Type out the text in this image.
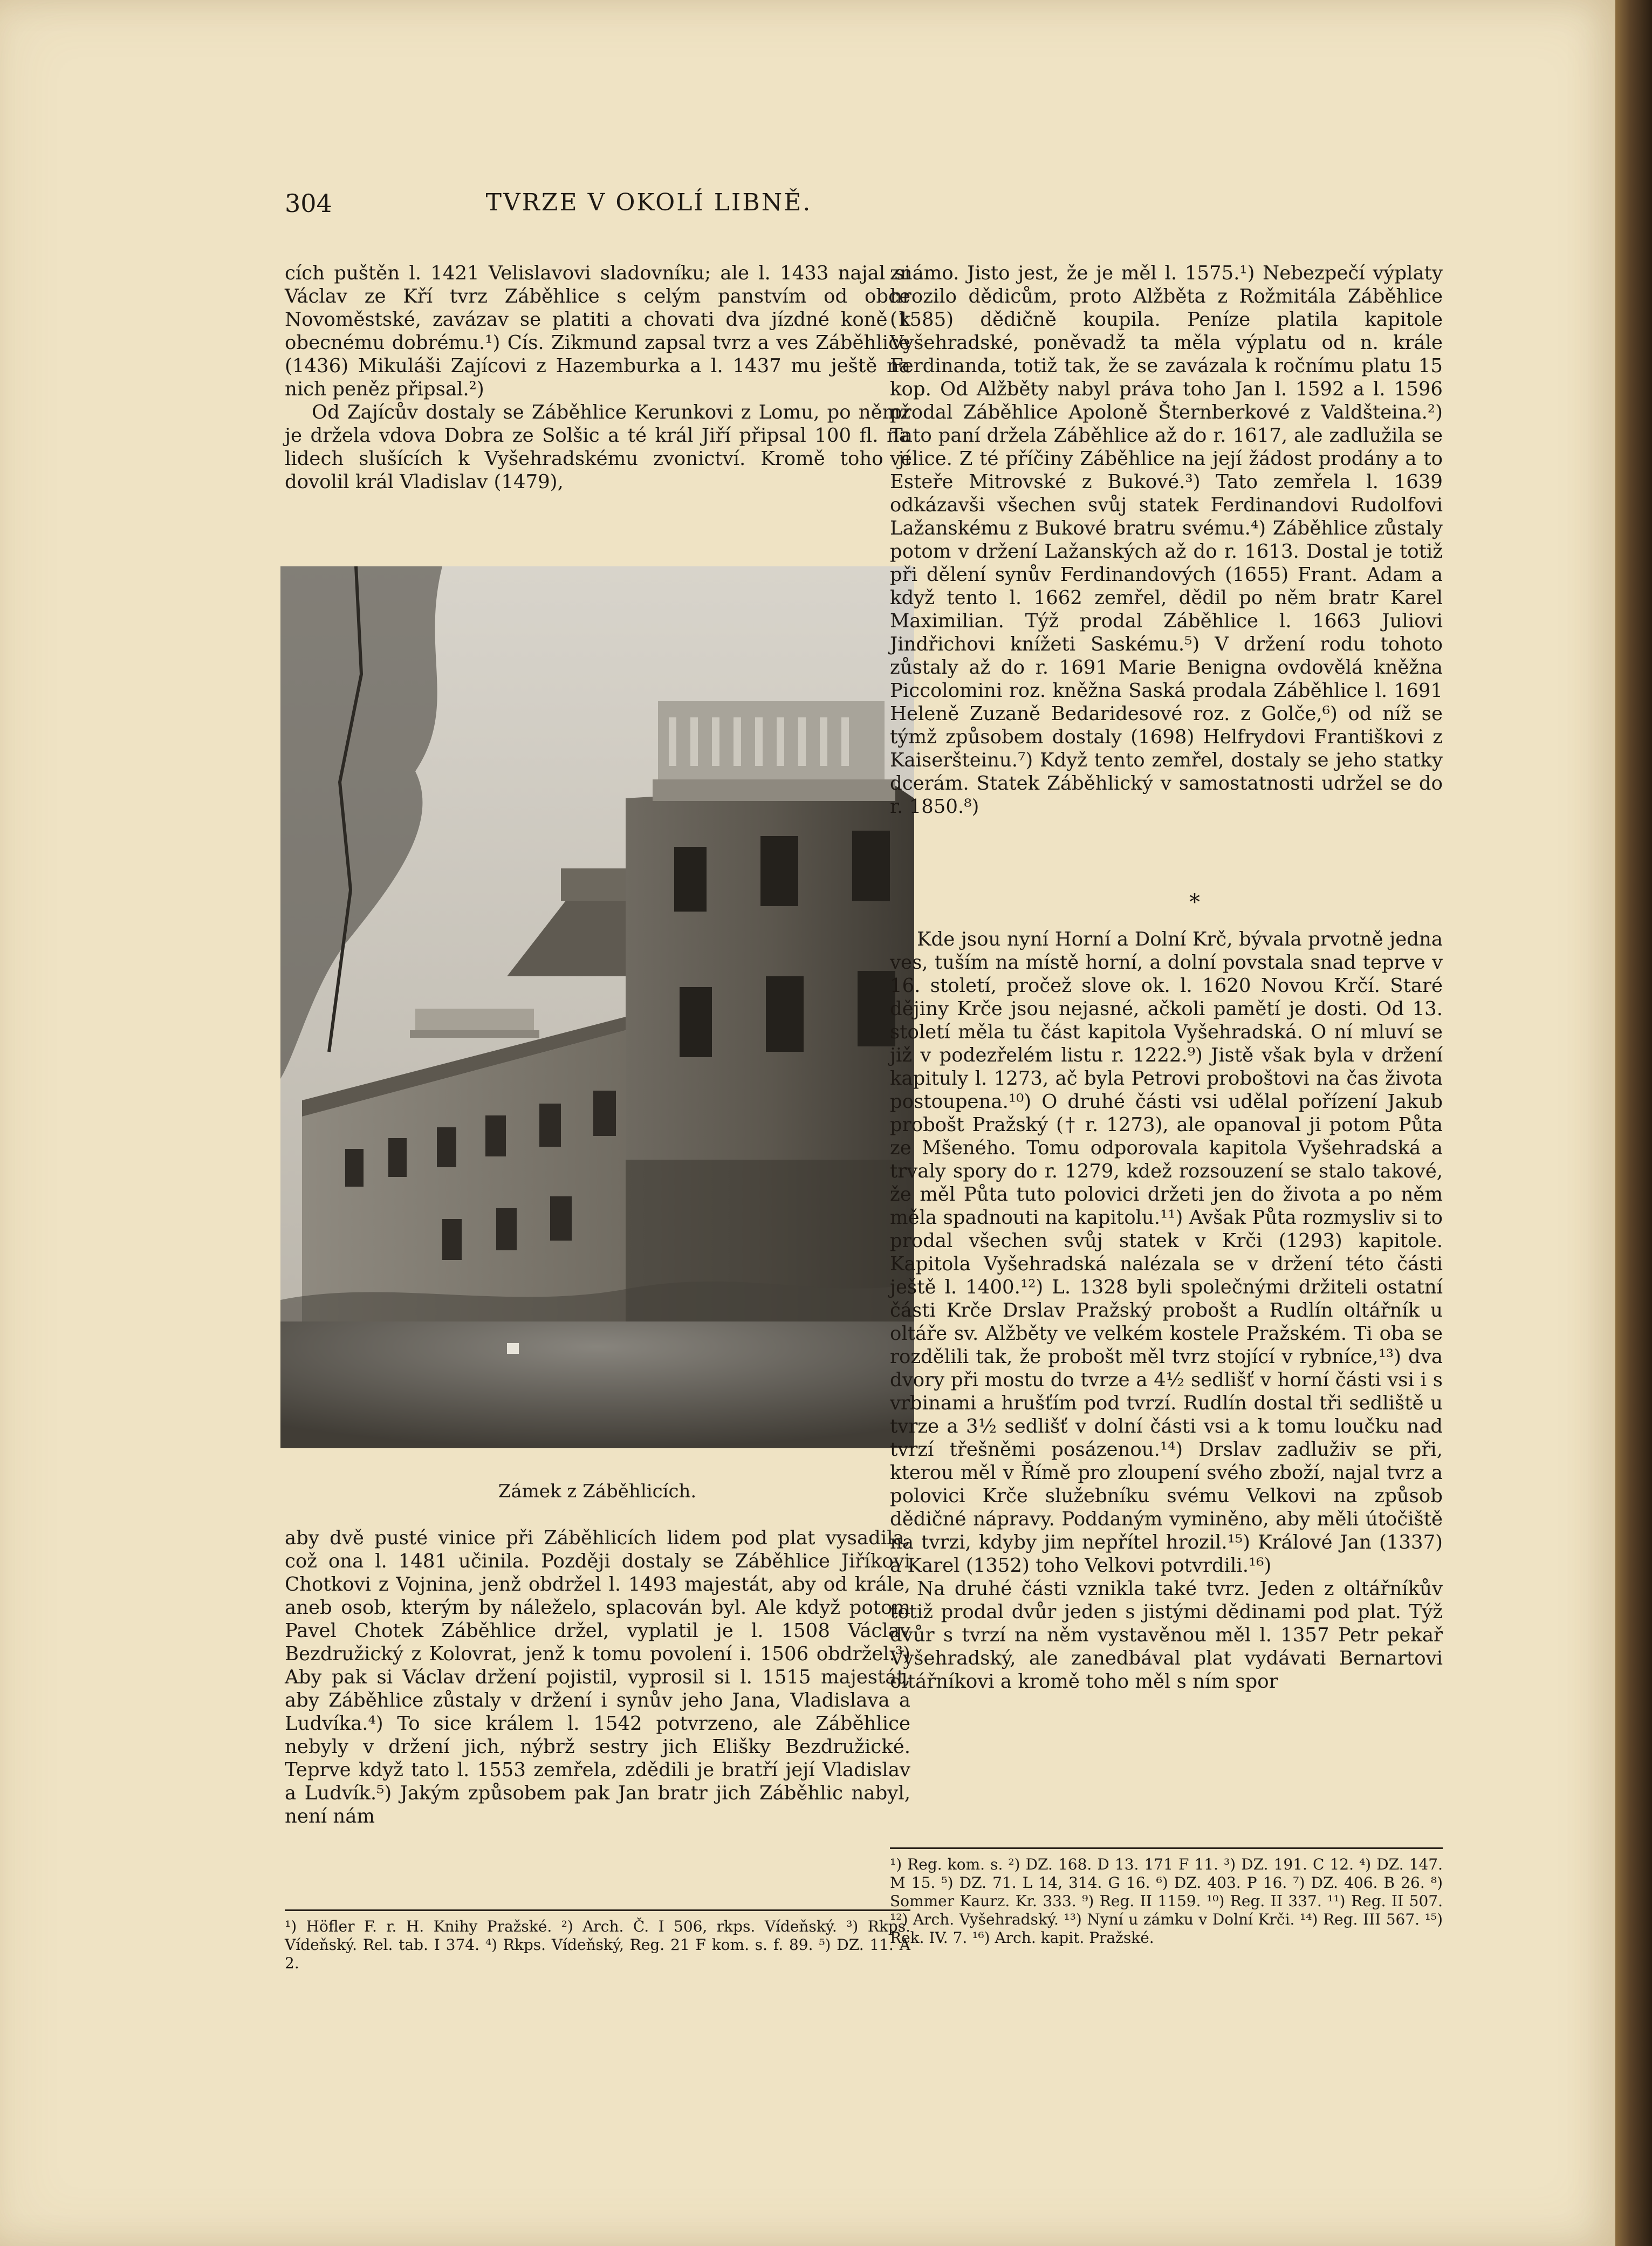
304	TVRZE V OKOLÍ LIBNĚ.

cích puštěn l. 1421 Velislavovi sladovníku; ale l. 1433 najal si Václav ze Kří tvrz Záběhlice s celým panstvím od obce Novoměstské, zavázav se platiti a chovati dva jízdné koně k obecnému dobrému.¹) Cís. Zikmund zapsal tvrz a ves Záběhlice (1436) Mikuláši Zajícovi z Hazemburka a l. 1437 mu ještě na nich peněz připsal.²)

Od Zajícův dostaly se Záběhlice Kerunkovi z Lomu, po němž je držela vdova Dobra ze Solšic a té král Jiří připsal 100 fl. na lidech slušících k Vyšehradskému zvonictví. Kromě toho jí dovolil král Vladislav (1479),

Zámek z Záběhlicích.

aby dvě pusté vinice při Záběhlicích lidem pod plat vysadila, což ona l. 1481 učinila. Později dostaly se Záběhlice Jiříkovi Chotkovi z Vojnina, jenž obdržel l. 1493 majestát, aby od krále, aneb osob, kterým by náleželo, splacován byl. Ale když potom Pavel Chotek Záběhlice držel, vyplatil je l. 1508 Václav Bezdružický z Kolovrat, jenž k tomu povolení i. 1506 obdržel.³) Aby pak si Václav držení pojistil, vyprosil si l. 1515 majestát, aby Záběhlice zůstaly v držení i synův jeho Jana, Vladislava a Ludvíka.⁴) To sice králem l. 1542 potvrzeno, ale Záběhlice nebyly v držení jich, nýbrž sestry jich Elišky Bezdružické. Teprve když tato l. 1553 zemřela, zdědili je bratří její Vladislav a Ludvík.⁵) Jakým způsobem pak Jan bratr jich Záběhlic nabyl, není nám

¹) Höfler F. r. H. Knihy Pražské. ²) Arch. Č. I 506, rkps. Vídeňský. ³) Rkps. Vídeňský. Rel. tab. I 374. ⁴) Rkps. Vídeňský, Reg. 21 F kom. s. f. 89. ⁵) DZ. 11. A 2.

známo. Jisto jest, že je měl l. 1575.¹) Nebezpečí výplaty hrozilo dědicům, proto Alžběta z Rožmitála Záběhlice (1585) dědičně koupila. Peníze platila kapitole Vyšehradské, poněvadž ta měla výplatu od n. krále Ferdinanda, totiž tak, že se zavázala k ročnímu platu 15 kop. Od Alžběty nabyl práva toho Jan l. 1592 a l. 1596 prodal Záběhlice Apoloně Šternberkové z Valdšteina.²) Tato paní držela Záběhlice až do r. 1617, ale zadlužila se velice. Z té příčiny Záběhlice na její žádost prodány a to Esteře Mitrovské z Bukové.³) Tato zemřela l. 1639 odkázavši všechen svůj statek Ferdinandovi Rudolfovi Lažanskému z Bukové bratru svému.⁴) Záběhlice zůstaly potom v držení Lažanských až do r. 1613. Dostal je totiž při dělení synův Ferdinandových (1655) Frant. Adam a když tento l. 1662 zemřel, dědil po něm bratr Karel Maximilian. Týž prodal Záběhlice l. 1663 Juliovi Jindřichovi knížeti Saskému.⁵) V držení rodu tohoto zůstaly až do r. 1691 Marie Benigna ovdovělá kněžna Piccolomini roz. kněžna Saská prodala Záběhlice l. 1691 Heleně Zuzaně Bedaridesové roz. z Golče,⁶) od níž se týmž způsobem dostaly (1698) Helfrydovi Františkovi z Kaiseršteinu.⁷) Když tento zemřel, dostaly se jeho statky dcerám. Statek Záběhlický v samostatnosti udržel se do r. 1850.⁸)

*

Kde jsou nyní Horní a Dolní Krč, bývala prvotně jedna ves, tuším na místě horní, a dolní povstala snad teprve v 16. století, pročež slove ok. l. 1620 Novou Krčí. Staré dějiny Krče jsou nejasné, ačkoli pamětí je dosti. Od 13. století měla tu část kapitola Vyšehradská. O ní mluví se již v podezřelém listu r. 1222.⁹) Jistě však byla v držení kapituly l. 1273, ač byla Petrovi proboštovi na čas života postoupena.¹⁰) O druhé části vsi udělal pořízení Jakub probošt Pražský († r. 1273), ale opanoval ji potom Půta ze Mšeného. Tomu odporovala kapitola Vyšehradská a trvaly spory do r. 1279, kdež rozsouzení se stalo takové, že měl Půta tuto polovici držeti jen do života a po něm měla spadnouti na kapitolu.¹¹) Avšak Půta rozmysliv si to prodal všechen svůj statek v Krči (1293) kapitole. Kapitola Vyšehradská nalézala se v držení této části ještě l. 1400.¹²) L. 1328 byli společnými držiteli ostatní části Krče Drslav Pražský probošt a Rudlín oltářník u oltáře sv. Alžběty ve velkém kostele Pražském. Ti oba se rozdělili tak, že probošt měl tvrz stojící v rybníce,¹³) dva dvory při mostu do tvrze a 4½ sedlišť v horní části vsi i s vrbinami a hrušťím pod tvrzí. Rudlín dostal tři sedliště u tvrze a 3½ sedlišť v dolní části vsi a k tomu loučku nad tvrzí třešněmi posázenou.¹⁴) Drslav zadluživ se při, kterou měl v Římě pro zloupení svého zboží, najal tvrz a polovici Krče služebníku svému Velkovi na způsob dědičné nápravy. Poddaným vyminěno, aby měli útočiště na tvrzi, kdyby jim nepřítel hrozil.¹⁵) Králové Jan (1337) a Karel (1352) toho Velkovi potvrdili.¹⁶)

Na druhé části vznikla také tvrz. Jeden z oltářníkův totiž prodal dvůr jeden s jistými dědinami pod plat. Týž dvůr s tvrzí na něm vystavěnou měl l. 1357 Petr pekař Vyšehradský, ale zanedbával plat vydávati Bernartovi oltářníkovi a kromě toho měl s ním spor

¹) Reg. kom. s. ²) DZ. 168. D 13. 171 F 11. ³) DZ. 191. C 12. ⁴) DZ. 147. M 15. ⁵) DZ. 71. L 14, 314. G 16. ⁶) DZ. 403. P 16. ⁷) DZ. 406. B 26. ⁸) Sommer Kaurz. Kr. 333. ⁹) Reg. II 1159. ¹⁰) Reg. II 337. ¹¹) Reg. II 507. ¹²) Arch. Vyšehradský. ¹³) Nyní u zámku v Dolní Krči. ¹⁴) Reg. III 567. ¹⁵) Rek. IV. 7. ¹⁶) Arch. kapit. Pražské.
